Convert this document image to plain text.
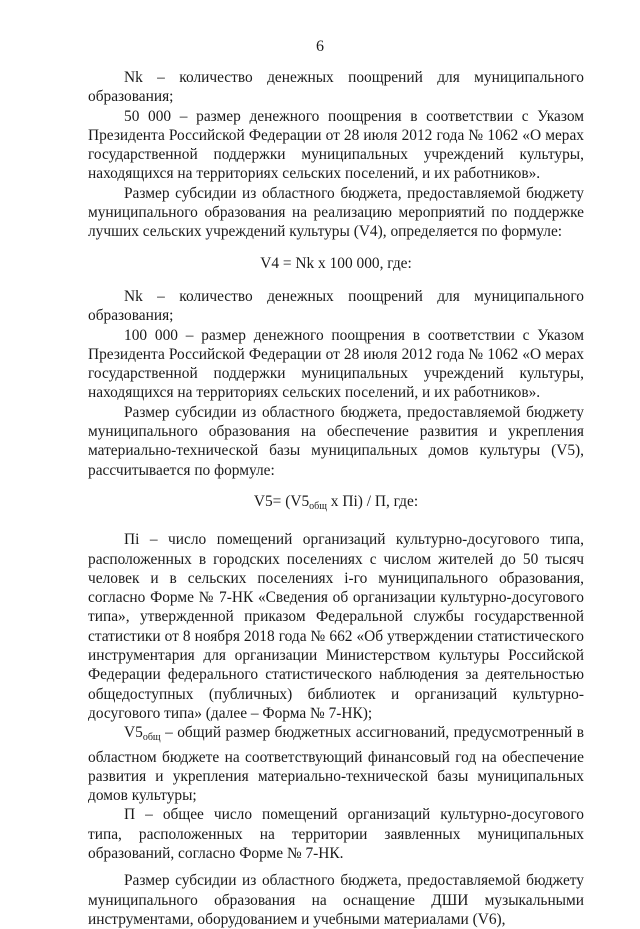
6

Nk – количество денежных поощрений для муниципального образования;

50 000 – размер денежного поощрения в соответствии с Указом Президента Российской Федерации от 28 июля 2012 года № 1062 «О мерах государственной поддержки муниципальных учреждений культуры, находящихся на территориях сельских поселений, и их работников».

Размер субсидии из областного бюджета, предоставляемой бюджету муниципального образования на реализацию мероприятий по поддержке лучших сельских учреждений культуры (V4), определяется по формуле:

V4 = Nk x 100 000, где:

Nk – количество денежных поощрений для муниципального образования;

100 000 – размер денежного поощрения в соответствии с Указом Президента Российской Федерации от 28 июля 2012 года № 1062 «О мерах государственной поддержки муниципальных учреждений культуры, находящихся на территориях сельских поселений, и их работников».

Размер субсидии из областного бюджета, предоставляемой бюджету муниципального образования на обеспечение развития и укрепления материально-технической базы муниципальных домов культуры (V5), рассчитывается по формуле:

$V5= (V5_{общ}$ x Пi) / П, где:

Пi – число помещений организаций культурно-досугового типа, расположенных в городских поселениях с числом жителей до 50 тысяч человек и в сельских поселениях i-го муниципального образования, согласно Форме № 7-НК «Сведения об организации культурно-досугового типа», утвержденной приказом Федеральной службы государственной статистики от 8 ноября 2018 года № 662 «Об утверждении статистического инструментария для организации Министерством культуры Российской Федерации федерального статистического наблюдения за деятельностью общедоступных (публичных) библиотек и организаций культурно-досугового типа» (далее – Форма № 7-НК);

$V5_{общ}$ – общий размер бюджетных ассигнований, предусмотренный в областном бюджете на соответствующий финансовый год на обеспечение развития и укрепления материально-технической базы муниципальных домов культуры;

П – общее число помещений организаций культурно-досугового типа, расположенных на территории заявленных муниципальных образований, согласно Форме № 7-НК.

Размер субсидии из областного бюджета, предоставляемой бюджету муниципального образования на оснащение ДШИ музыкальными инструментами, оборудованием и учебными материалами (V6),
